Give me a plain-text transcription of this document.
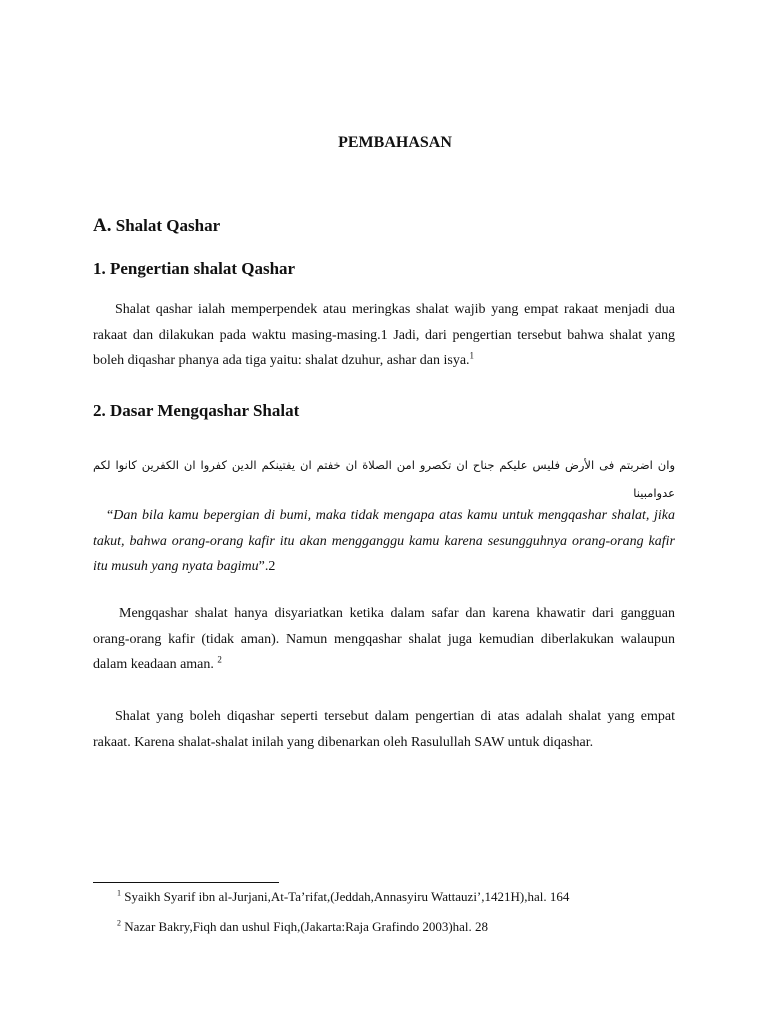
PEMBAHASAN
A. Shalat Qashar
1. Pengertian shalat Qashar
Shalat qashar ialah memperpendek atau meringkas shalat wajib yang empat rakaat menjadi dua rakaat dan dilakukan pada waktu masing-masing.1 Jadi, dari pengertian tersebut bahwa shalat yang boleh diqashar phanya ada tiga yaitu: shalat dzuhur, ashar dan isya.$^1$
2. Dasar Mengqashar Shalat
وان اضربتم فى الأرض فليس عليكم جناح ان تكصرو امن الصلاة ان خفتم ان يفتينكم الدين كفروا ان الكفرين كانوا لكم عدوامبينا
“Dan bila kamu bepergian di bumi, maka tidak mengapa atas kamu untuk mengqashar shalat, jika takut, bahwa orang-orang kafir itu akan mengganggu kamu karena sesungguhnya orang-orang kafir itu musuh yang nyata bagimu”.2
Mengqashar shalat hanya disyariatkan ketika dalam safar dan karena khawatir dari gangguan orang-orang kafir (tidak aman). Namun mengqashar shalat juga kemudian diberlakukan walaupun dalam keadaan aman. $^2$
Shalat yang boleh diqashar seperti tersebut dalam pengertian di atas adalah shalat yang empat rakaat. Karena shalat-shalat inilah yang dibenarkan oleh Rasulullah SAW untuk diqashar.
$^1$ Syaikh Syarif ibn al-Jurjani,At-Ta’rifat,(Jeddah,Annasyiru Wattauzi’,1421H),hal. 164
$^2$ Nazar Bakry,Fiqh dan ushul Fiqh,(Jakarta:Raja Grafindo 2003)hal. 28
